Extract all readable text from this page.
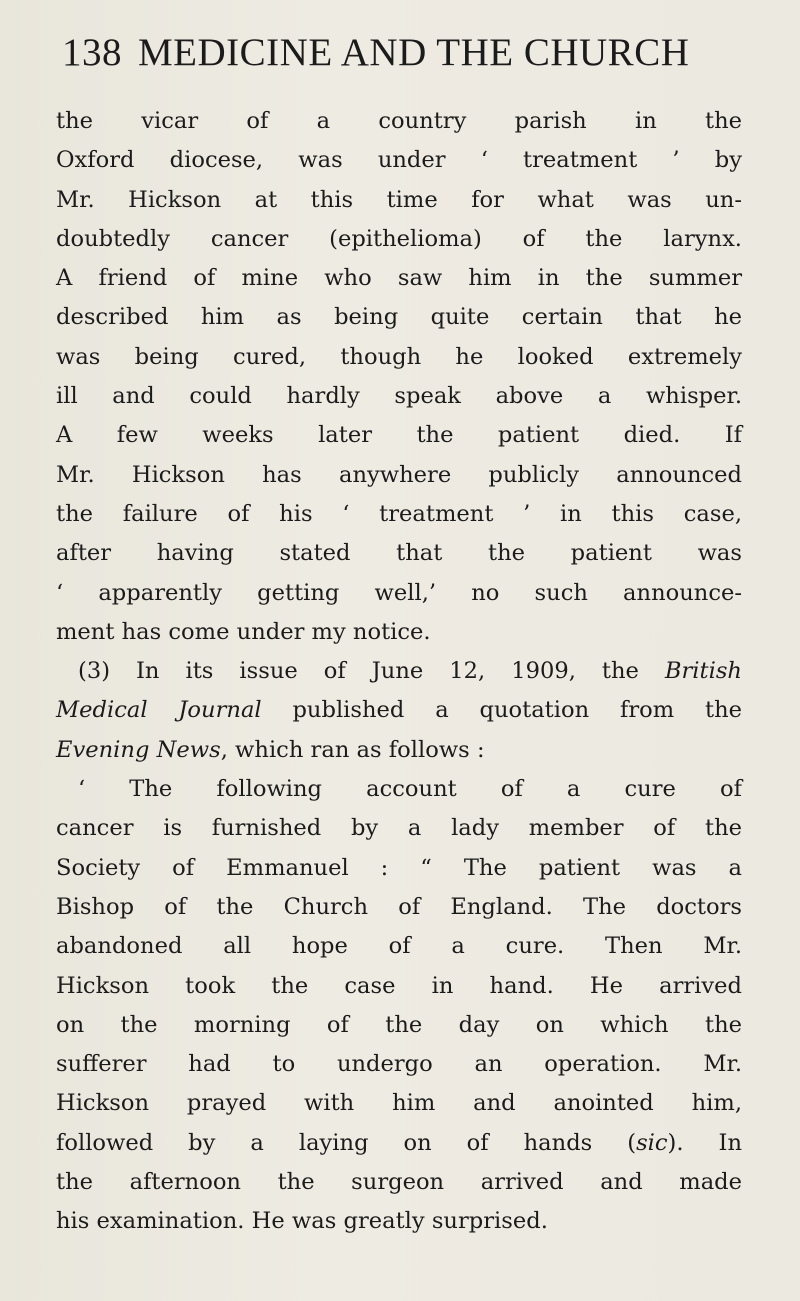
138 MEDICINE AND THE CHURCH
the vicar of a country parish in the
Oxford diocese, was under ‘ treatment ’ by
Mr. Hickson at this time for what was un-
doubtedly cancer (epithelioma) of the larynx.
A friend of mine who saw him in the summer
described him as being quite certain that he
was being cured, though he looked extremely
ill and could hardly speak above a whisper.
A few weeks later the patient died. If
Mr. Hickson has anywhere publicly announced
the failure of his ‘ treatment ’ in this case,
after having stated that the patient was
‘ apparently getting well,’ no such announce-
ment has come under my notice.
(3) In its issue of June 12, 1909, the British
Medical Journal published a quotation from the
Evening News, which ran as follows :
‘ The following account of a cure of
cancer is furnished by a lady member of the
Society of Emmanuel : “ The patient was a
Bishop of the Church of England. The doctors
abandoned all hope of a cure. Then Mr.
Hickson took the case in hand. He arrived
on the morning of the day on which the
sufferer had to undergo an operation. Mr.
Hickson prayed with him and anointed him,
followed by a laying on of hands (sic). In
the afternoon the surgeon arrived and made
his examination. He was greatly surprised.
